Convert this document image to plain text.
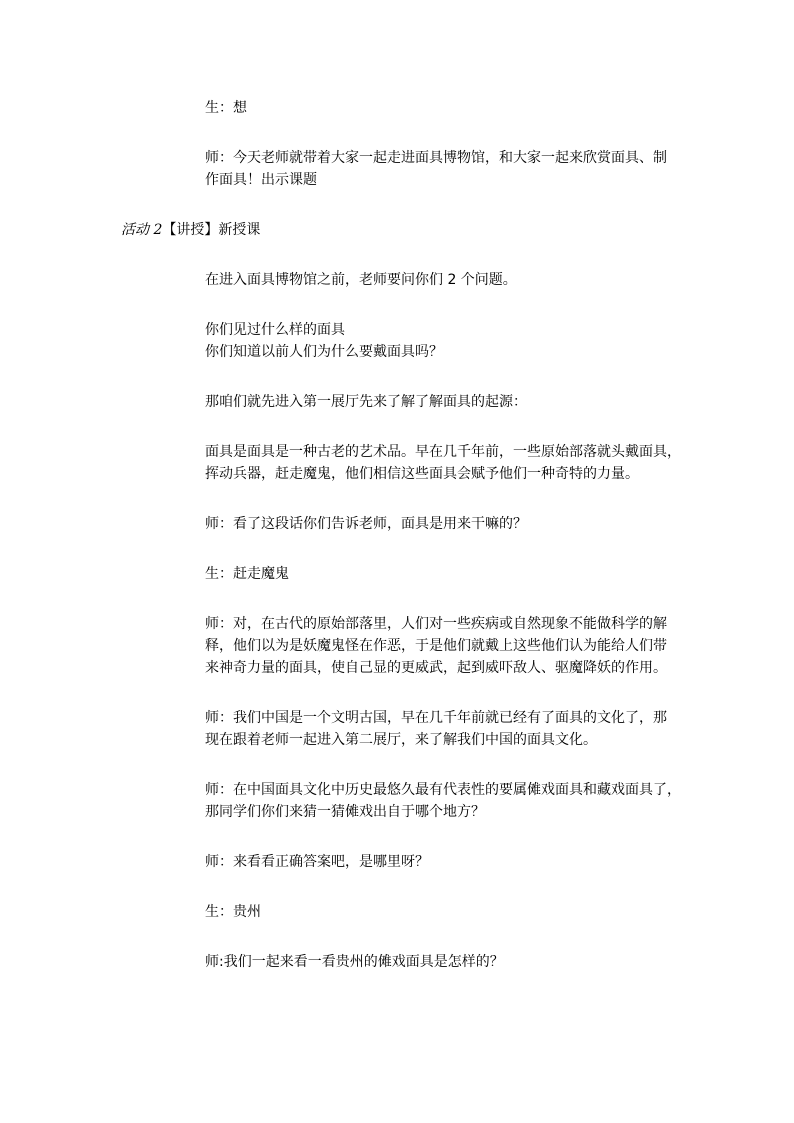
生：想

师：今天老师就带着大家一起走进面具博物馆，和大家一起来欣赏面具、制
作面具！出示课题

活动 2【讲授】新授课

在进入面具博物馆之前，老师要问你们 2 个问题。

你们见过什么样的面具
你们知道以前人们为什么要戴面具吗？

那咱们就先进入第一展厅先来了解了解面具的起源：

面具是面具是一种古老的艺术品。早在几千年前，一些原始部落就头戴面具，
挥动兵器，赶走魔鬼，他们相信这些面具会赋予他们一种奇特的力量。

师：看了这段话你们告诉老师，面具是用来干嘛的？

生：赶走魔鬼

师：对，在古代的原始部落里，人们对一些疾病或自然现象不能做科学的解
释，他们以为是妖魔鬼怪在作恶，于是他们就戴上这些他们认为能给人们带
来神奇力量的面具，使自己显的更威武，起到威吓敌人、驱魔降妖的作用。

师：我们中国是一个文明古国，早在几千年前就已经有了面具的文化了，那
现在跟着老师一起进入第二展厅，来了解我们中国的面具文化。

师：在中国面具文化中历史最悠久最有代表性的要属傩戏面具和藏戏面具了，
那同学们你们来猜一猜傩戏出自于哪个地方？

师：来看看正确答案吧，是哪里呀？

生：贵州

师:我们一起来看一看贵州的傩戏面具是怎样的？
